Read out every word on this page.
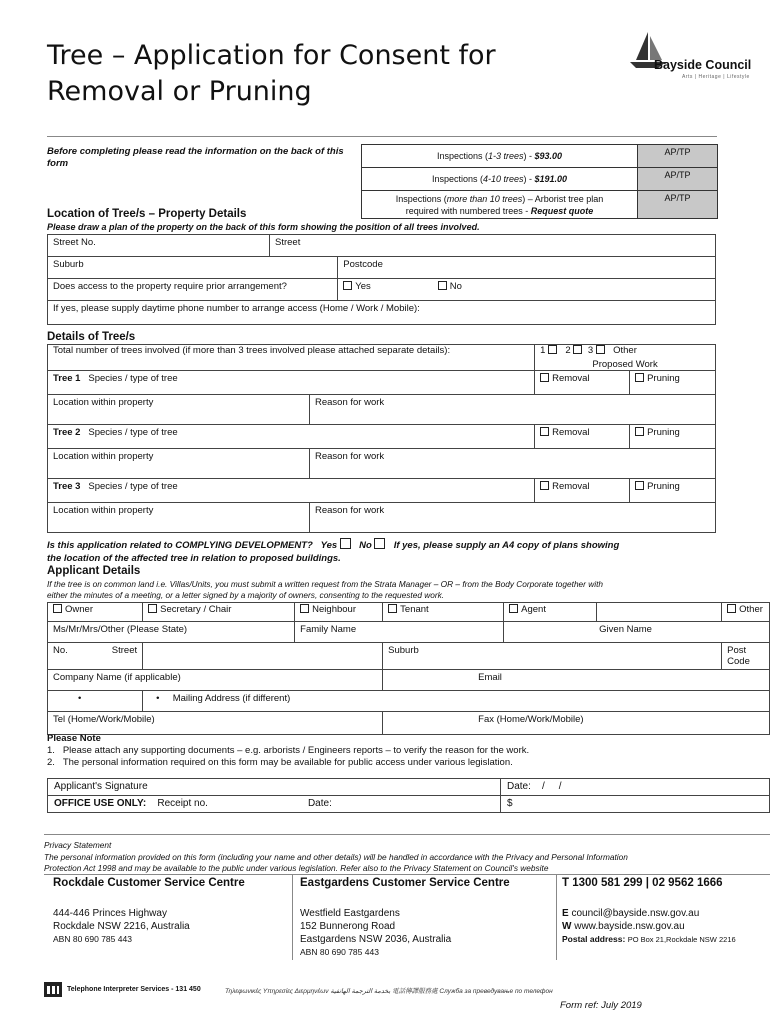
Tree – Application for Consent for
Removal or Pruning
Bayside Council
Arts | Heritage | Lifestyle
Before completing please read the information on the back of this form
Inspections (1-3 trees) - $93.00	AP/TP
Inspections (4-10 trees) - $191.00	AP/TP
Inspections (more than 10 trees) – Arborist tree plan
required with numbered trees - Request quote	AP/TP
Location of Tree/s – Property Details
Please draw a plan of the property on the back of this form showing the position of all trees involved.
Street No.	Street		
Suburb		Postcode	
Does access to the property require prior arrangement?		Yes	No
If yes, please supply daytime phone number to arrange access (Home / Work / Mobile):			
Details of Tree/s
Total number of trees involved (if more than 3 trees involved please attached separate details):		1 2 3 Other	
		Proposed Work	
Tree 1 Species / type of tree		Removal	Pruning
Location within property	Reason for work		
Tree 2 Species / type of tree		Removal	Pruning
Location within property	Reason for work		
Tree 3 Species / type of tree		Removal	Pruning
Location within property	Reason for work		
Is this application related to COMPLYING DEVELOPMENT? Yes No If yes, please supply an A4 copy of plans showing
the location of the affected tree in relation to proposed buildings.
Applicant Details
If the tree is on common land i.e. Villas/Units, you must submit a written request from the Strata Manager – OR – from the Body Corporate together with
either the minutes of a meeting, or a letter signed by a majority of owners, consenting to the requested work.
Owner	Secretary / Chair	Neighbour	Tenant	Agent		Other
Ms/Mr/Mrs/Other (Please State)		Family Name		Given Name		
No. Street			Suburb			Post Code
Company Name (if applicable)			Email			
•	•     Mailing Address (if different)					
Tel (Home/Work/Mobile)			Fax (Home/Work/Mobile)			
Please Note
1.   Please attach any supporting documents – e.g. arborists / Engineers reports – to verify the reason for the work.
2.   The personal information required on this form may be available for public access under various legislation.
Applicant's Signature	Date: / /
OFFICE USE ONLY: Receipt no. Date:	$
Privacy Statement
The personal information provided on this form (including your name and other details) will be handled in accordance with the Privacy and Personal Information
Protection Act 1998 and may be available to the public under various legislation. Refer also to the Privacy Statement on Council's website
Rockdale Customer Service Centre
444-446 Princes Highway
Rockdale NSW 2216, Australia
ABN 80 690 785 443
Eastgardens Customer Service Centre
Westfield Eastgardens
152 Bunnerong Road
Eastgardens NSW 2036, Australia
ABN 80 690 785 443
T 1300 581 299 | 02 9562 1666
E council@bayside.nsw.gov.au
W www.bayside.nsw.gov.au
Postal address: PO Box 21,Rockdale NSW 2216
Telephone Interpreter Services - 131 450	Τηλεφωνικές Υπηρεσίες Διερμηνέων بخدمة الترجمة الهاتفية 電話傳譯服務處 Служба за преведување по телефон
Form ref: July 2019
